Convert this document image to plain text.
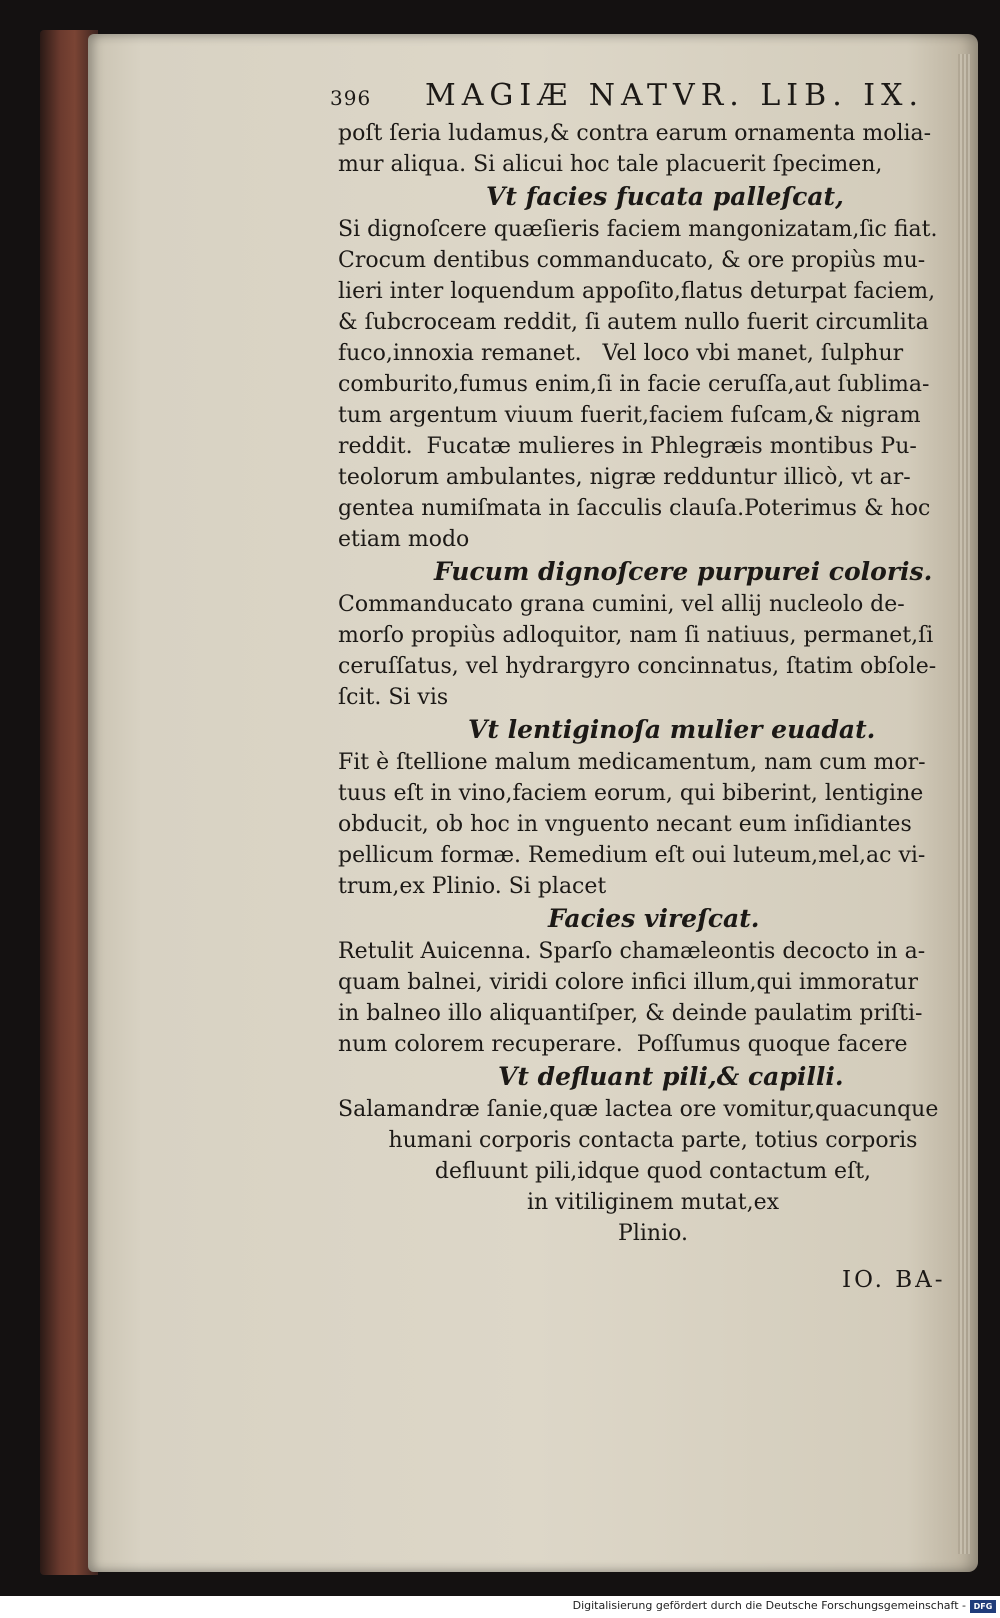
396	MAGIÆ NATVR. LIB. IX.
poſt ſeria ludamus,& contra earum ornamenta molia-
mur aliqua. Si alicui hoc tale placuerit ſpecimen,
Vt facies fucata palleſcat,
Si dignoſcere quæſieris faciem mangonizatam,ſic fiat.
Crocum dentibus commanducato, & ore propiùs mu-
lieri inter loquendum appoſito,flatus deturpat faciem,
& ſubcroceam reddit, ſi autem nullo fuerit circumlita
fuco,innoxia remanet.   Vel loco vbi manet, ſulphur
comburito,fumus enim,ſi in facie ceruſſa,aut ſublima-
tum argentum viuum fuerit,faciem fuſcam,& nigram
reddit.  Fucatæ mulieres in Phlegræis montibus Pu-
teolorum ambulantes, nigræ redduntur illicò, vt ar-
gentea numiſmata in ſacculis clauſa.Poterimus & hoc
etiam modo
Fucum dignoſcere purpurei coloris.
Commanducato grana cumini, vel allij nucleolo de-
morſo propiùs adloquitor, nam ſi natiuus, permanet,ſi
ceruſſatus, vel hydrargyro concinnatus, ſtatim obſole-
ſcit. Si vis
Vt lentiginoſa mulier euadat.
Fit è ſtellione malum medicamentum, nam cum mor-
tuus eſt in vino,faciem eorum, qui biberint, lentigine
obducit, ob hoc in vnguento necant eum inſidiantes
pellicum formæ. Remedium eſt oui luteum,mel,ac vi-
trum,ex Plinio. Si placet
Facies vireſcat.
Retulit Auicenna. Sparſo chamæleontis decocto in a-
quam balnei, viridi colore infici illum,qui immoratur
in balneo illo aliquantiſper, & deinde paulatim priſti-
num colorem recuperare.  Poſſumus quoque facere
Vt defluant pili,& capilli.
Salamandræ ſanie,quæ lactea ore vomitur,quacunque
humani corporis contacta parte, totius corporis
defluunt pili,idque quod contactum eſt,
in vitiliginem mutat,ex
Plinio.
IO. BA-
Digitalisierung gefördert durch die Deutsche Forschungsgemeinschaft - DFG
